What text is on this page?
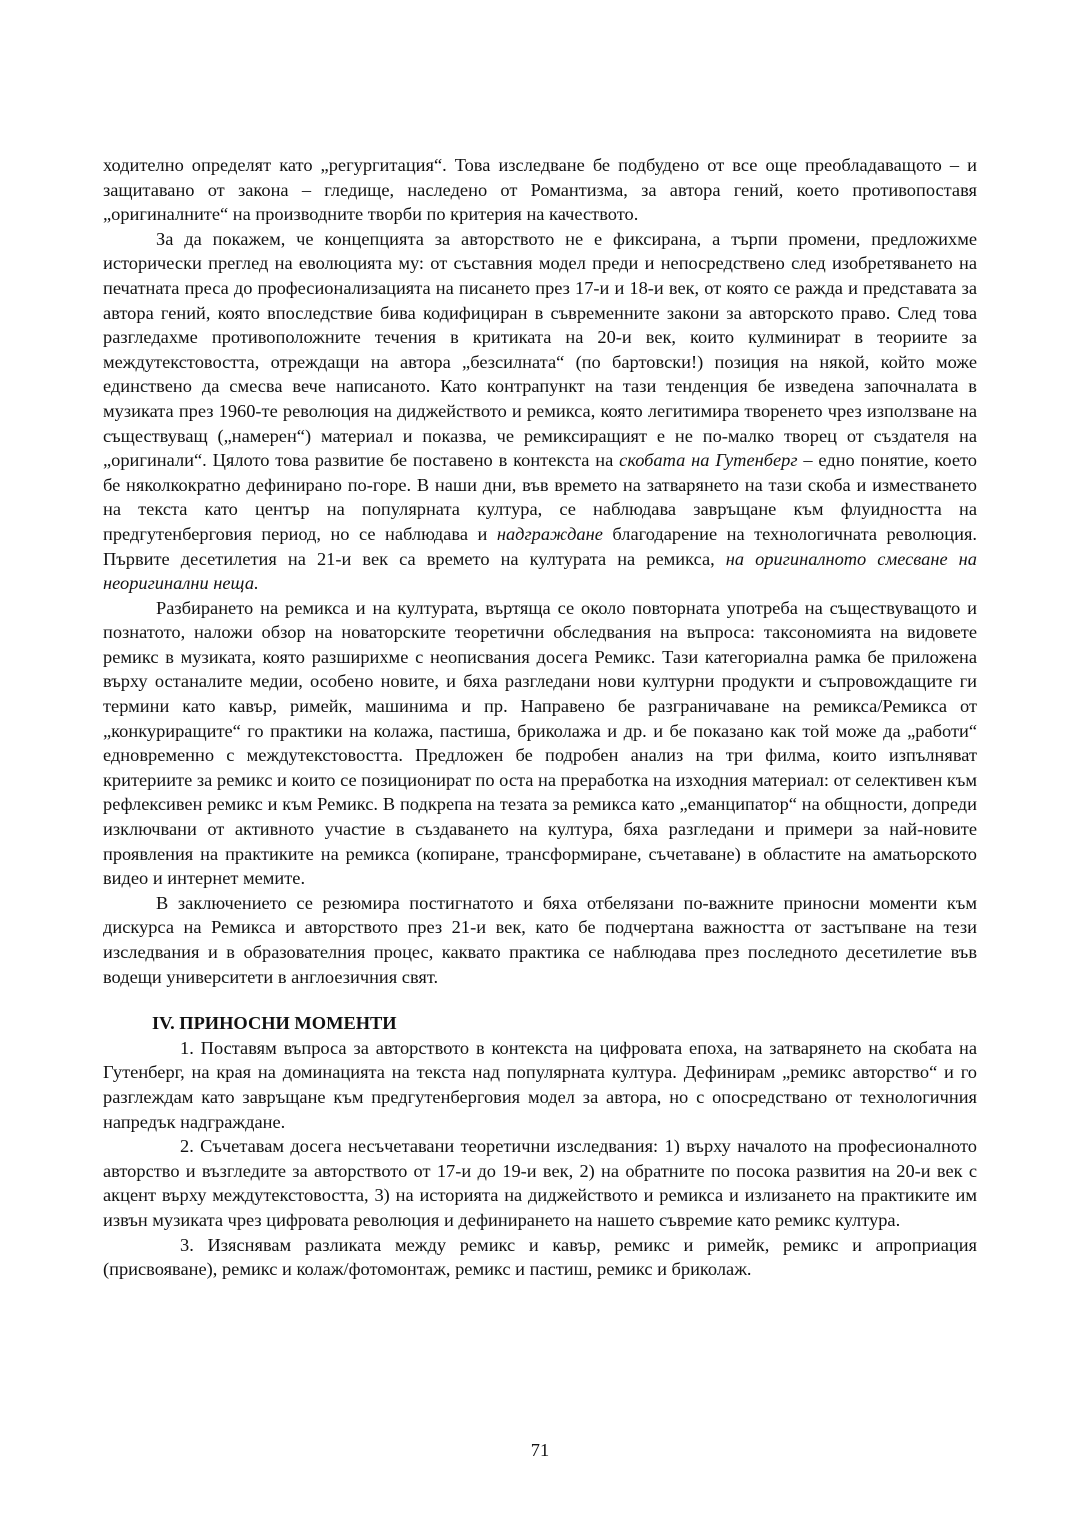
ходително определят като „регургитация“. Това изследване бе подбудено от все още преобладаващото – и защитавано от закона – гледище, наследено от Романтизма, за автора гений, което противопоставя „оригиналните“ на производните творби по критерия на качеството.

За да покажем, че концепцията за авторството не е фиксирана, а търпи промени, предложихме исторически преглед на еволюцията му: от съставния модел преди и непосредствено след изобретяването на печатната преса до професионализацията на писането през 17-и и 18-и век, от която се ражда и представата за автора гений, която впоследствие бива кодифициран в съвременните закони за авторското право. След това разгледахме противоположните течения в критиката на 20-и век, които кулминират в теориите за междутекстовостта, отреждащи на автора „безсилната“ (по бартовски!) позиция на някой, който може единствено да смесва вече написаното. Като контрапункт на тази тенденция бе изведена започналата в музиката през 1960-те революция на диджейството и ремикса, която легитимира творенето чрез използване на съществуващ („намерен“) материал и показва, че ремиксиращият е не по-малко творец от създателя на „оригинали“. Цялото това развитие бе поставено в контекста на скобата на Гутенберг – едно понятие, което бе няколкократно дефинирано по-горе. В наши дни, във времето на затварянето на тази скоба и изместването на текста като център на популярната култура, се наблюдава завръщане към флуидността на предгутенберговия период, но се наблюдава и надграждане благодарение на технологичната революция. Първите десетилетия на 21-и век са времето на културата на ремикса, на оригиналното смесване на неоригинални неща.

Разбирането на ремикса и на културата, въртяща се около повторната употреба на съществуващото и познатото, наложи обзор на новаторските теоретични обследвания на въпроса: таксономията на видовете ремикс в музиката, която разширихме с неописвания досега Ремикс. Тази категориална рамка бе приложена върху останалите медии, особено новите, и бяха разгледани нови културни продукти и съпровождащите ги термини като кавър, римейк, машинима и пр. Направено бе разграничаване на ремикса/Ремикса от „конкуриращите“ го практики на колажа, пастиша, бриколажа и др. и бе показано как той може да „работи“ едновременно с междутекстовостта. Предложен бе подробен анализ на три филма, които изпълняват критериите за ремикс и които се позиционират по оста на преработка на изходния материал: от селективен към рефлексивен ремикс и към Ремикс. В подкрепа на тезата за ремикса като „еманципатор“ на общности, допреди изключвани от активното участие в създаването на култура, бяха разгледани и примери за най-новите проявления на практиките на ремикса (копиране, трансформиране, съчетаване) в областите на аматьорското видео и интернет мемите.

В заключението се резюмира постигнатото и бяха отбелязани по-важните приносни моменти към дискурса на Ремикса и авторството през 21-и век, като бе подчертана важността от застъпване на тези изследвания и в образователния процес, каквато практика се наблюдава през последното десетилетие във водещи университети в англоезичния свят.

IV. ПРИНОСНИ МОМЕНТИ

1. Поставям въпроса за авторството в контекста на цифровата епоха, на затварянето на скобата на Гутенберг, на края на доминацията на текста над популярната култура. Дефинирам „ремикс авторство“ и го разглеждам като завръщане към предгутенберговия модел за автора, но с опосредствано от технологичния напредък надграждане.

2. Съчетавам досега несъчетавани теоретични изследвания: 1) върху началото на професионалното авторство и възгледите за авторството от 17-и до 19-и век, 2) на обратните по посока развития на 20-и век с акцент върху междутекстовостта, 3) на историята на диджейството и ремикса и излизането на практиките им извън музиката чрез цифровата революция и дефинирането на нашето съвремие като ремикс култура.

3. Изяснявам разликата между ремикс и кавър, ремикс и римейк, ремикс и апроприация (присвояване), ремикс и колаж/фотомонтаж, ремикс и пастиш, ремикс и бриколаж.

71
